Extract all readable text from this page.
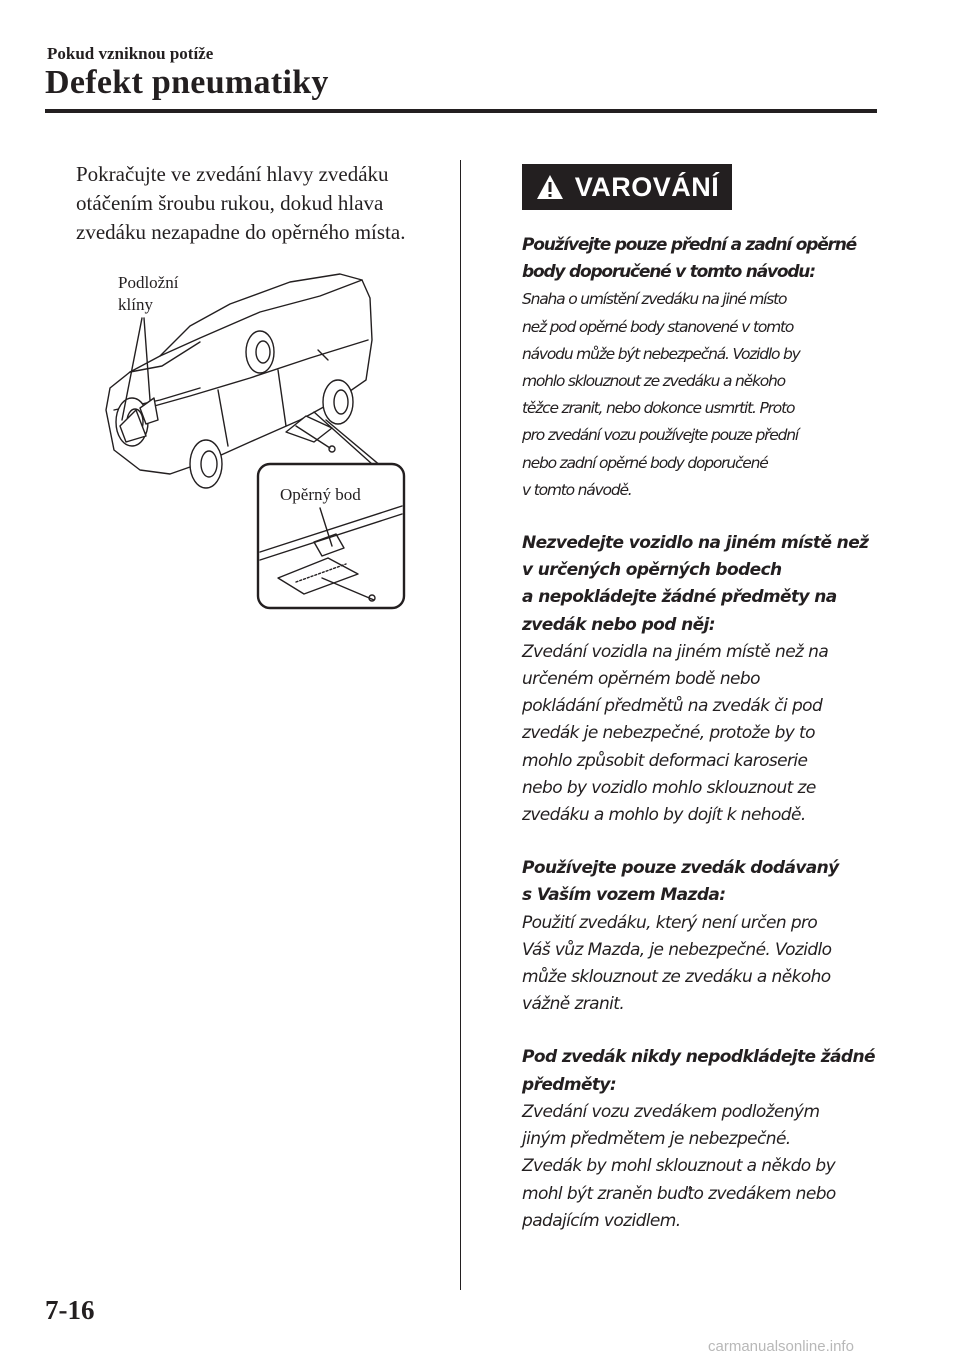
Pokud vzniknou potíže
Defekt pneumatiky
Pokračujte ve zvedání hlavy zvedáku
otáčením šroubu rukou, dokud hlava
zvedáku nezapadne do opěrného místa.
Podložní
klíny
Opěrný bod
VAROVÁNÍ
Používejte pouze přední a zadní opěrné
body doporučené v tomto návodu:
Snaha o umístění zvedáku na jiné místo
než pod opěrné body stanovené v tomto
návodu může být nebezpečná. Vozidlo by
mohlo sklouznout ze zvedáku a někoho
těžce zranit, nebo dokonce usmrtit. Proto
pro zvedání vozu používejte pouze přední
nebo zadní opěrné body doporučené
v tomto návodě.
Nezvedejte vozidlo na jiném místě než
v určených opěrných bodech
a nepokládejte žádné předměty na
zvedák nebo pod něj:
Zvedání vozidla na jiném místě než na
určeném opěrném bodě nebo
pokládání předmětů na zvedák či pod
zvedák je nebezpečné, protože by to
mohlo způsobit deformaci karoserie
nebo by vozidlo mohlo sklouznout ze
zvedáku a mohlo by dojít k nehodě.
Používejte pouze zvedák dodávaný
s Vaším vozem Mazda:
Použití zvedáku, který není určen pro
Váš vůz Mazda, je nebezpečné. Vozidlo
může sklouznout ze zvedáku a někoho
vážně zranit.
Pod zvedák nikdy nepodkládejte žádné
předměty:
Zvedání vozu zvedákem podloženým
jiným předmětem je nebezpečné.
Zvedák by mohl sklouznout a někdo by
mohl být zraněn buďto zvedákem nebo
padajícím vozidlem.
7-16
carmanualsonline.info
